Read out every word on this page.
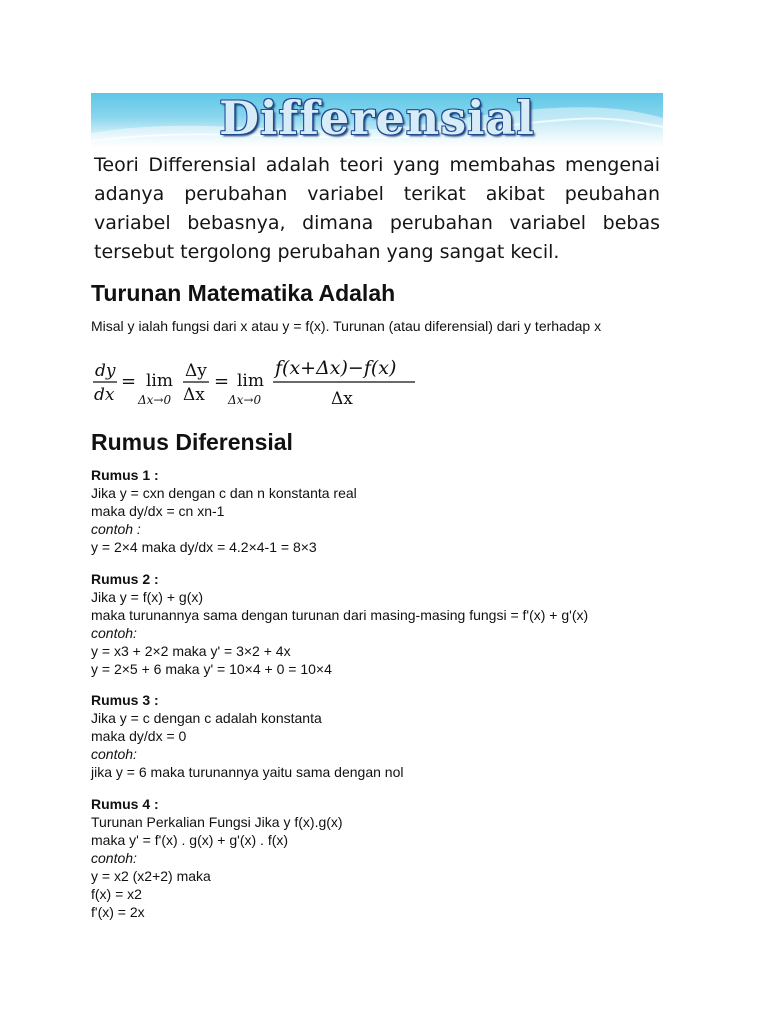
Differensial
Teori Differensial adalah teori yang membahas mengenai adanya perubahan variabel terikat akibat peubahan variabel bebasnya, dimana perubahan variabel bebas tersebut tergolong perubahan yang sangat kecil.
Turunan Matematika Adalah

Misal y ialah fungsi dari x atau y = f(x). Turunan (atau diferensial) dari y terhadap x

dy
dx
= lim
Δx→0
Δy
Δx
= lim
Δx→0
f(x+Δx)−f(x)
Δx
Rumus Diferensial
Rumus 1 :
Jika y = cxn dengan c dan n konstanta real
maka dy/dx = cn xn-1
contoh :
y = 2×4 maka dy/dx = 4.2×4-1 = 8×3
Rumus 2 :
Jika y = f(x) + g(x)
maka turunannya sama dengan turunan dari masing-masing fungsi = f'(x) + g'(x)
contoh:
y = x3 + 2×2 maka y' = 3×2 + 4x
y = 2×5 + 6 maka y' = 10×4 + 0 = 10×4
Rumus 3 :
Jika y = c dengan c adalah konstanta
maka dy/dx = 0
contoh:
jika y = 6 maka turunannya yaitu sama dengan nol
Rumus 4 :
Turunan Perkalian Fungsi Jika y f(x).g(x)
maka y' = f'(x) . g(x) + g'(x) . f(x)
contoh:
y = x2 (x2+2) maka
f(x) = x2
f'(x) = 2x
